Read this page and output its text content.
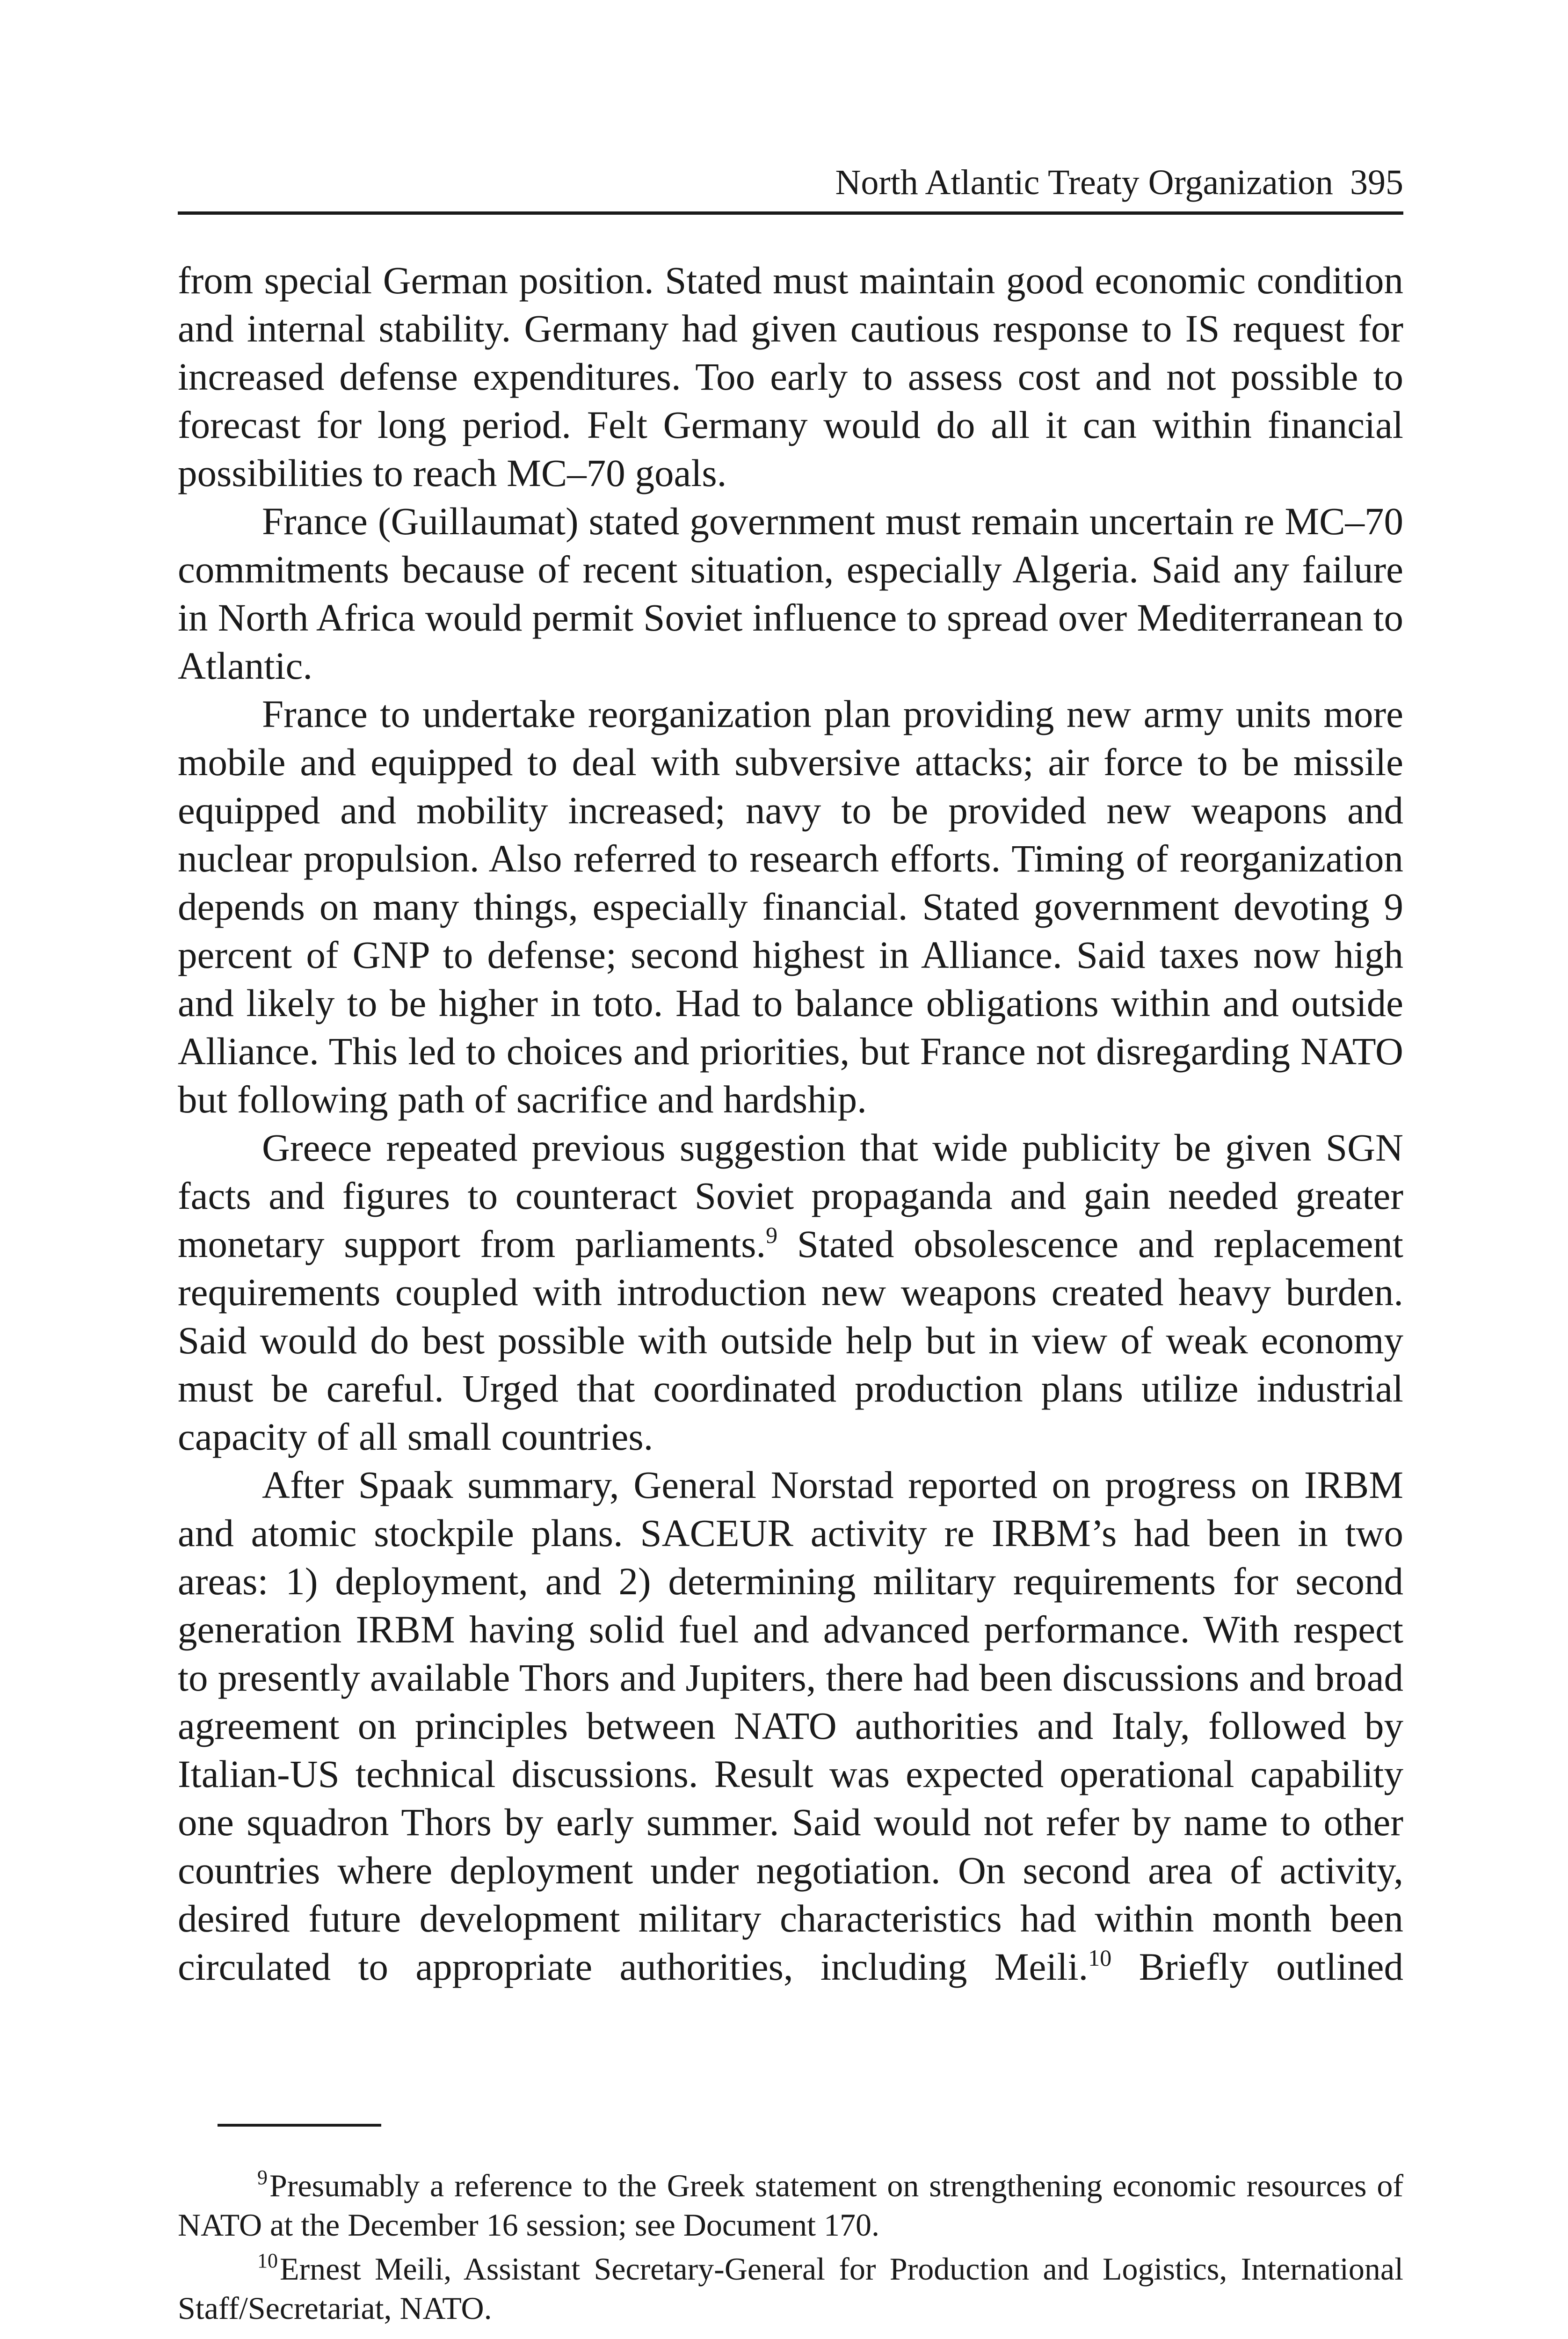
North Atlantic Treaty Organization 395

from special German position. Stated must maintain good economic condition and internal stability. Germany had given cautious response to IS request for increased defense expenditures. Too early to assess cost and not possible to forecast for long period. Felt Germany would do all it can within financial possibilities to reach MC–70 goals.

France (Guillaumat) stated government must remain uncertain re MC–70 commitments because of recent situation, especially Algeria. Said any failure in North Africa would permit Soviet influence to spread over Mediterranean to Atlantic.

France to undertake reorganization plan providing new army units more mobile and equipped to deal with subversive attacks; air force to be missile equipped and mobility increased; navy to be provided new weapons and nuclear propulsion. Also referred to research efforts. Timing of reorganization depends on many things, especially financial. Stated government devoting 9 percent of GNP to defense; second highest in Alliance. Said taxes now high and likely to be higher in toto. Had to balance obligations within and outside Alliance. This led to choices and priorities, but France not disregarding NATO but following path of sacrifice and hardship.

Greece repeated previous suggestion that wide publicity be given SGN facts and figures to counteract Soviet propaganda and gain needed greater monetary support from parliaments.$^9$ Stated obsolescence and replacement requirements coupled with introduction new weapons created heavy burden. Said would do best possible with outside help but in view of weak economy must be careful. Urged that coordinated production plans utilize industrial capacity of all small countries.

After Spaak summary, General Norstad reported on progress on IRBM and atomic stockpile plans. SACEUR activity re IRBM’s had been in two areas: 1) deployment, and 2) determining military requirements for second generation IRBM having solid fuel and advanced performance. With respect to presently available Thors and Jupiters, there had been discussions and broad agreement on principles between NATO authorities and Italy, followed by Italian-US technical discussions. Result was expected operational capability one squadron Thors by early summer. Said would not refer by name to other countries where deployment under negotiation. On second area of activity, desired future development military characteristics had within month been circulated to appropriate authorities, including Meili.$^{10}$ Briefly outlined

$^9$Presumably a reference to the Greek statement on strengthening economic resources of NATO at the December 16 session; see Document 170.

$^{10}$Ernest Meili, Assistant Secretary-General for Production and Logistics, International Staff/Secretariat, NATO.
